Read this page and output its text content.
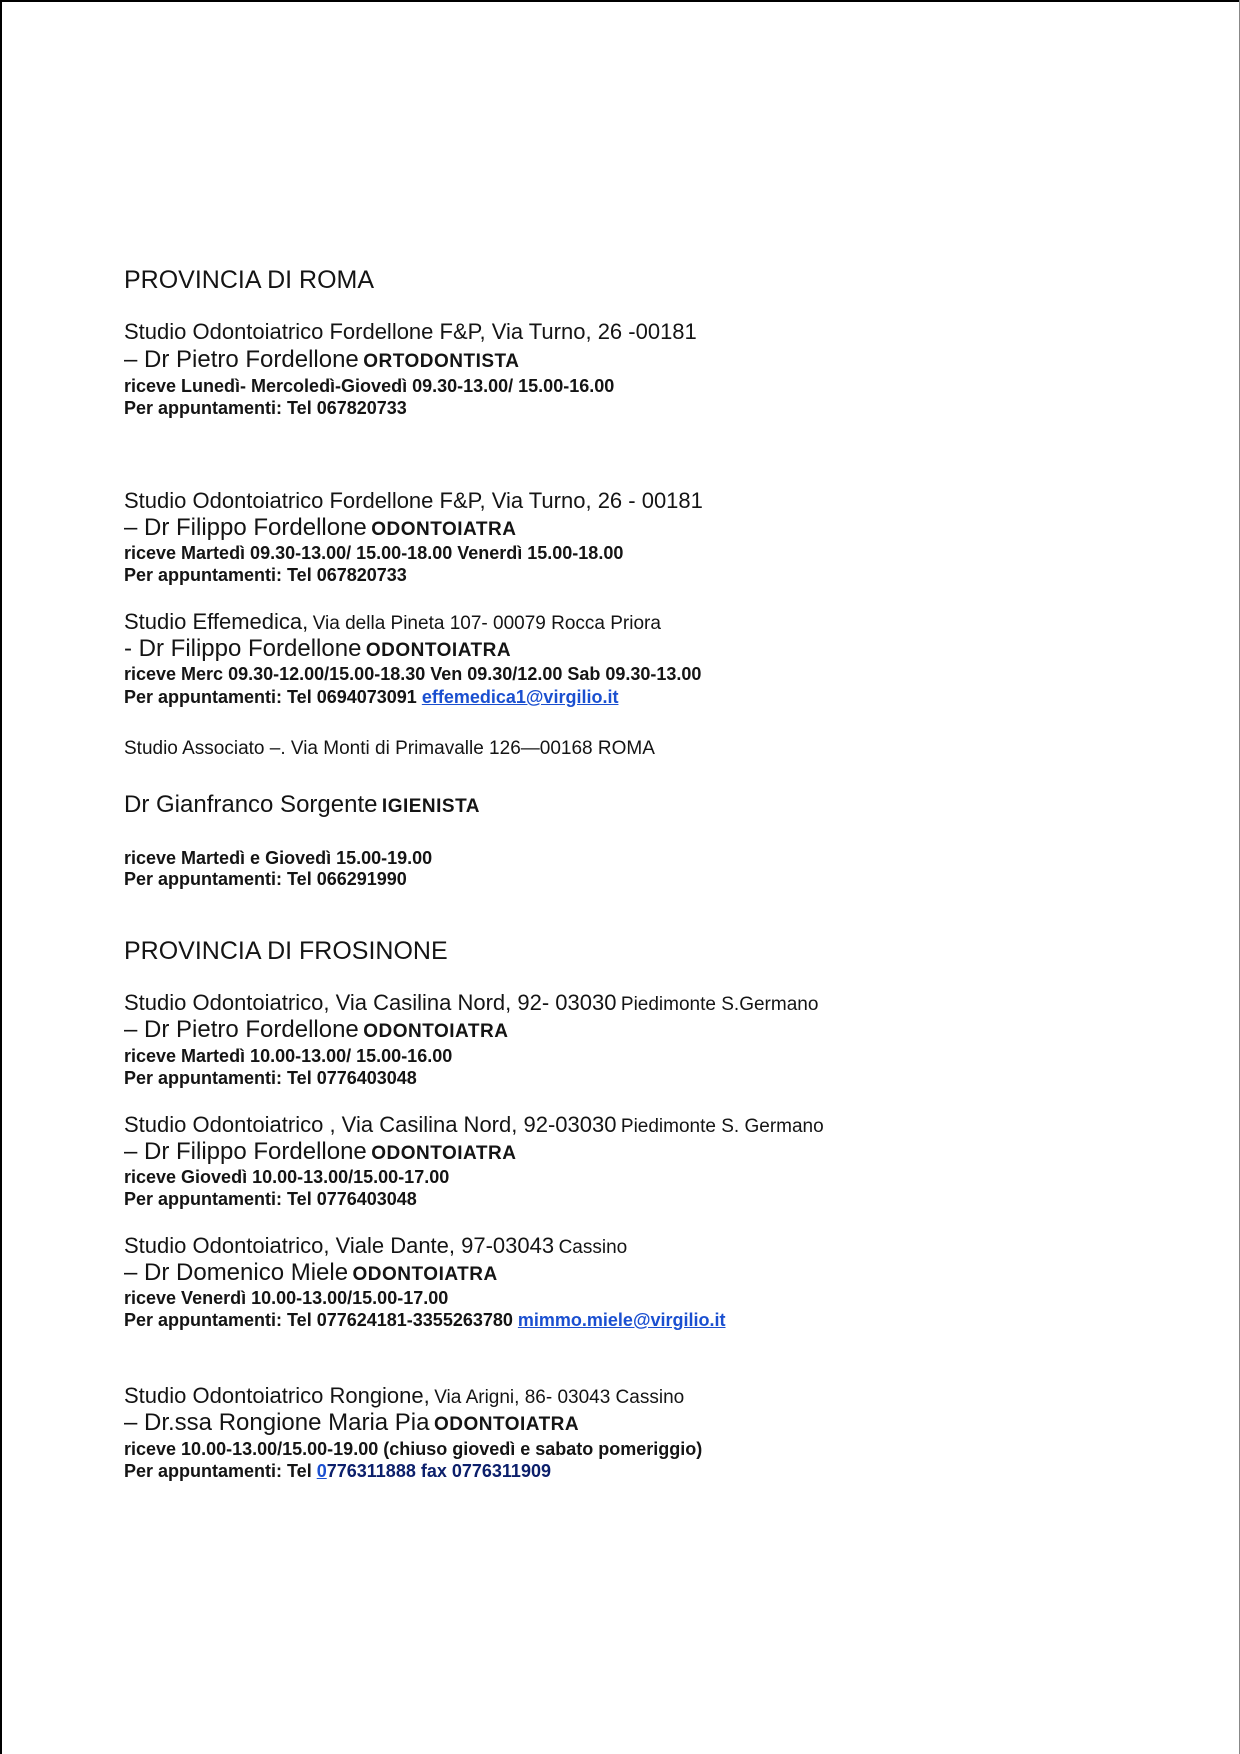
PROVINCIA DI ROMA
Studio Odontoiatrico Fordellone F&P, Via Turno, 26 -00181
– Dr Pietro Fordellone ORTODONTISTA
riceve Lunedì- Mercoledì-Giovedì 09.30-13.00/ 15.00-16.00
Per appuntamenti: Tel 067820733
Studio Odontoiatrico Fordellone F&P, Via Turno, 26 - 00181
– Dr Filippo Fordellone ODONTOIATRA
riceve Martedì 09.30-13.00/ 15.00-18.00 Venerdì 15.00-18.00
Per appuntamenti: Tel 067820733
Studio Effemedica, Via della Pineta 107- 00079 Rocca Priora
- Dr Filippo Fordellone ODONTOIATRA
riceve Merc 09.30-12.00/15.00-18.30 Ven 09.30/12.00 Sab 09.30-13.00
Per appuntamenti: Tel 0694073091 effemedica1@virgilio.it
Studio Associato –. Via Monti di Primavalle 126—00168 ROMA
Dr Gianfranco Sorgente IGIENISTA
riceve Martedì e Giovedì 15.00-19.00
Per appuntamenti: Tel 066291990
PROVINCIA DI FROSINONE
Studio Odontoiatrico, Via Casilina Nord, 92- 03030 Piedimonte S.Germano
– Dr Pietro Fordellone ODONTOIATRA
riceve Martedì 10.00-13.00/ 15.00-16.00
Per appuntamenti: Tel 0776403048
Studio Odontoiatrico , Via Casilina Nord, 92-03030 Piedimonte S. Germano
– Dr Filippo Fordellone ODONTOIATRA
riceve Giovedì 10.00-13.00/15.00-17.00
Per appuntamenti: Tel 0776403048
Studio Odontoiatrico, Viale Dante, 97-03043 Cassino
– Dr Domenico Miele ODONTOIATRA
riceve Venerdì 10.00-13.00/15.00-17.00
Per appuntamenti: Tel 077624181-3355263780 mimmo.miele@virgilio.it
Studio Odontoiatrico Rongione, Via Arigni, 86- 03043 Cassino
– Dr.ssa Rongione Maria Pia ODONTOIATRA
riceve 10.00-13.00/15.00-19.00 (chiuso giovedì e sabato pomeriggio)
Per appuntamenti: Tel 0776311888 fax 0776311909
